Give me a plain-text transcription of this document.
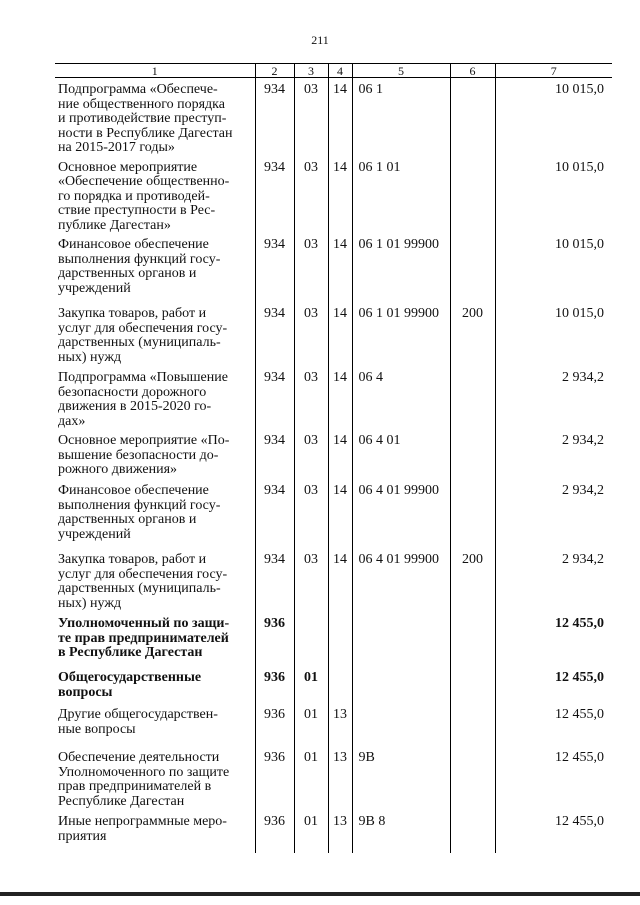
211
1	2	3	4	5	6	7
Подпрограмма «Обеспече-
ние общественного порядка
и противодействие преступ-
ности в Республике Дагестан
на 2015-2017 годы»	934	03	14	06 1		10 015,0
Основное мероприятие
«Обеспечение общественно-
го порядка и противодей-
ствие преступности в Рес-
публике Дагестан»	934	03	14	06 1 01		10 015,0
Финансовое обеспечение
выполнения функций госу-
дарственных органов и
учреждений	934	03	14	06 1 01 99900		10 015,0
Закупка товаров, работ и
услуг для обеспечения госу-
дарственных (муниципаль-
ных) нужд	934	03	14	06 1 01 99900	200	10 015,0
Подпрограмма «Повышение
безопасности дорожного
движения в 2015-2020 го-
дах»	934	03	14	06 4		2 934,2
Основное мероприятие «По-
вышение безопасности до-
рожного движения»	934	03	14	06 4 01		2 934,2
Финансовое обеспечение
выполнения функций госу-
дарственных органов и
учреждений	934	03	14	06 4 01 99900		2 934,2
Закупка товаров, работ и
услуг для обеспечения госу-
дарственных (муниципаль-
ных) нужд	934	03	14	06 4 01 99900	200	2 934,2
Уполномоченный по защи-
те прав предпринимателей
в Республике Дагестан	936					12 455,0
Общегосударственные
вопросы	936	01				12 455,0
Другие общегосударствен-
ные вопросы	936	01	13			12 455,0
Обеспечение деятельности
Уполномоченного по защите
прав предпринимателей в
Республике Дагестан	936	01	13	9В		12 455,0
Иные непрограммные меро-
приятия	936	01	13	9В 8		12 455,0
